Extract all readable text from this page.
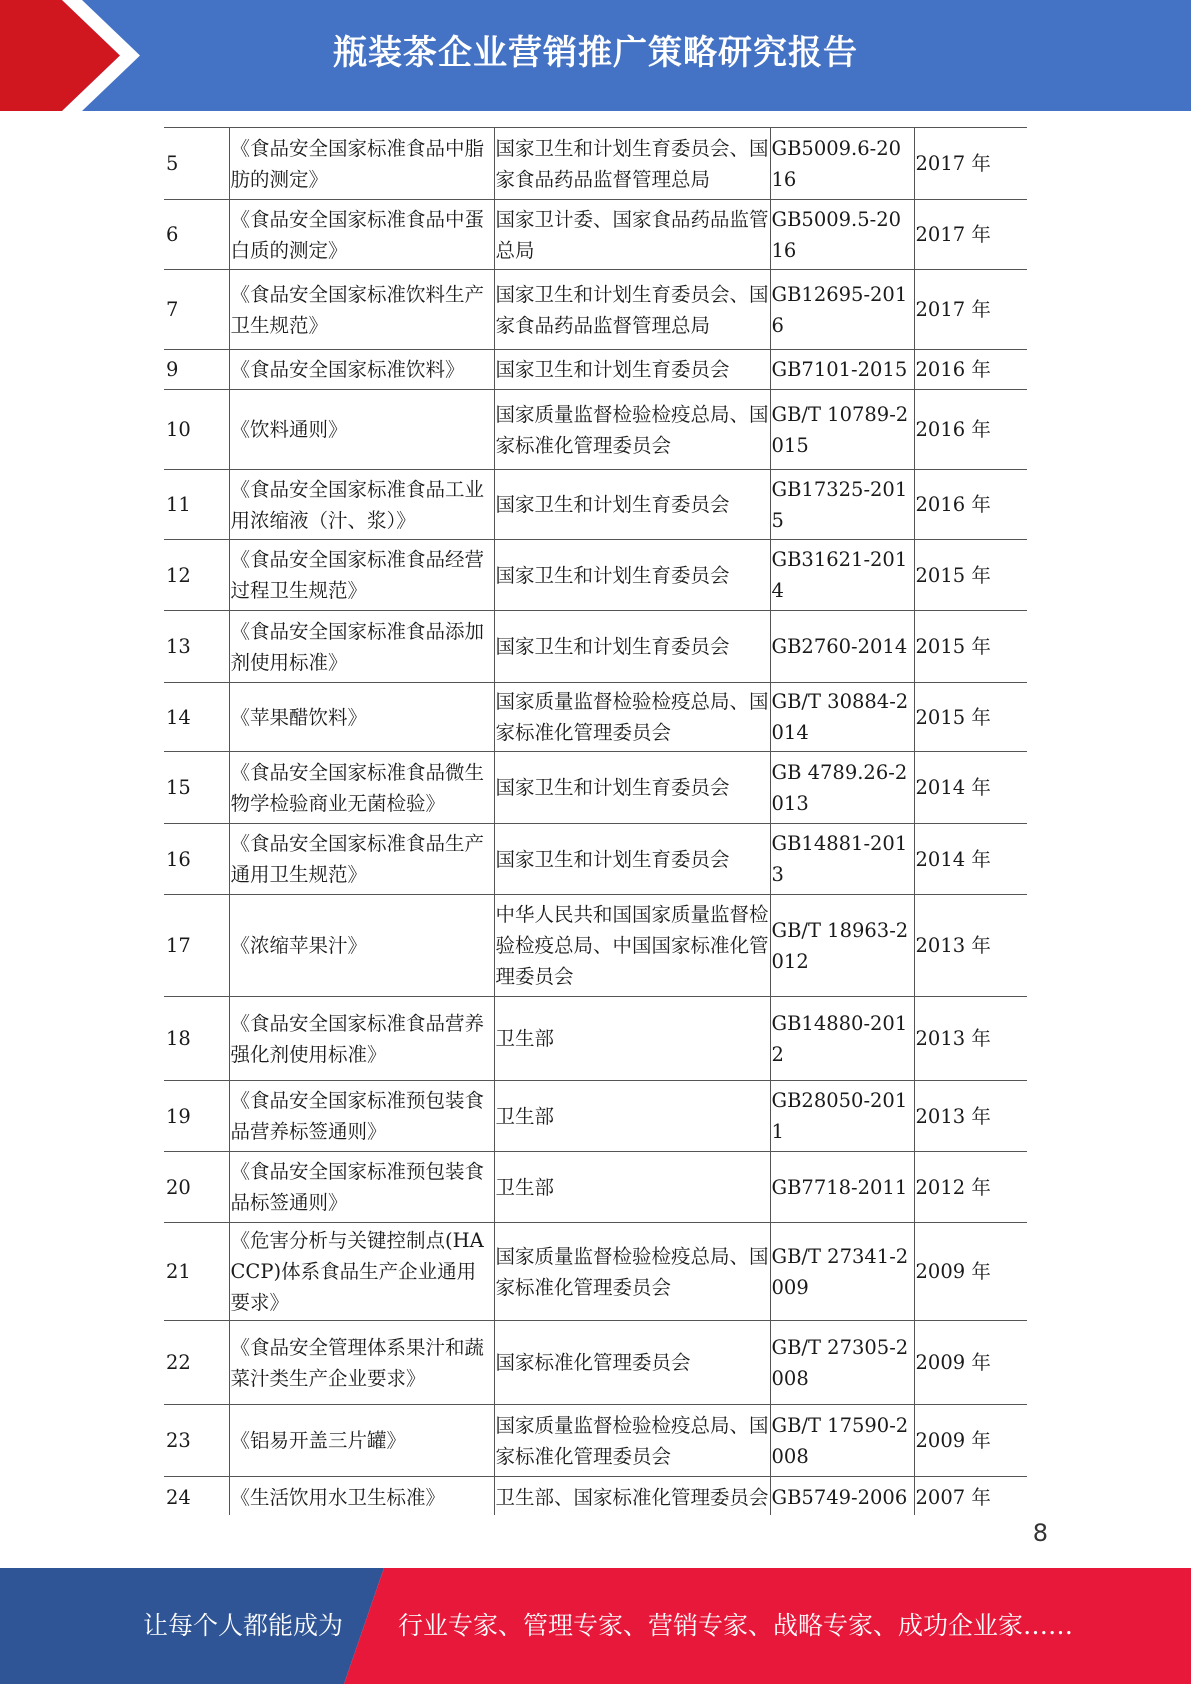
瓶装茶企业营销推广策略研究报告
5	《食品安全国家标准食品中脂肪的测定》	国家卫生和计划生育委员会、国家食品药品监督管理总局	GB5009.6-2016	2017 年
6	《食品安全国家标准食品中蛋白质的测定》	国家卫计委、国家食品药品监管总局	GB5009.5-2016	2017 年
7	《食品安全国家标准饮料生产卫生规范》	国家卫生和计划生育委员会、国家食品药品监督管理总局	GB12695-2016	2017 年
9	《食品安全国家标准饮料》	国家卫生和计划生育委员会	GB7101-2015	2016 年
10	《饮料通则》	国家质量监督检验检疫总局、国家标准化管理委员会	GB/T 10789-2015	2016 年
11	《食品安全国家标准食品工业用浓缩液（汁、浆）》	国家卫生和计划生育委员会	GB17325-2015	2016 年
12	《食品安全国家标准食品经营过程卫生规范》	国家卫生和计划生育委员会	GB31621-2014	2015 年
13	《食品安全国家标准食品添加剂使用标准》	国家卫生和计划生育委员会	GB2760-2014	2015 年
14	《苹果醋饮料》	国家质量监督检验检疫总局、国家标准化管理委员会	GB/T 30884-2014	2015 年
15	《食品安全国家标准食品微生物学检验商业无菌检验》	国家卫生和计划生育委员会	GB 4789.26-2013	2014 年
16	《食品安全国家标准食品生产通用卫生规范》	国家卫生和计划生育委员会	GB14881-2013	2014 年
17	《浓缩苹果汁》	中华人民共和国国家质量监督检验检疫总局、中国国家标准化管理委员会	GB/T 18963-2012	2013 年
18	《食品安全国家标准食品营养强化剂使用标准》	卫生部	GB14880-2012	2013 年
19	《食品安全国家标准预包装食品营养标签通则》	卫生部	GB28050-2011	2013 年
20	《食品安全国家标准预包装食品标签通则》	卫生部	GB7718-2011	2012 年
21	《危害分析与关键控制点(HACCP)体系食品生产企业通用要求》	国家质量监督检验检疫总局、国家标准化管理委员会	GB/T 27341-2009	2009 年
22	《食品安全管理体系果汁和蔬菜汁类生产企业要求》	国家标准化管理委员会	GB/T 27305-2008	2009 年
23	《铝易开盖三片罐》	国家质量监督检验检疫总局、国家标准化管理委员会	GB/T 17590-2008	2009 年
24	《生活饮用水卫生标准》	卫生部、国家标准化管理委员会	GB5749-2006	2007 年
8
让每个人都能成为 行业专家、管理专家、营销专家、战略专家、成功企业家……
